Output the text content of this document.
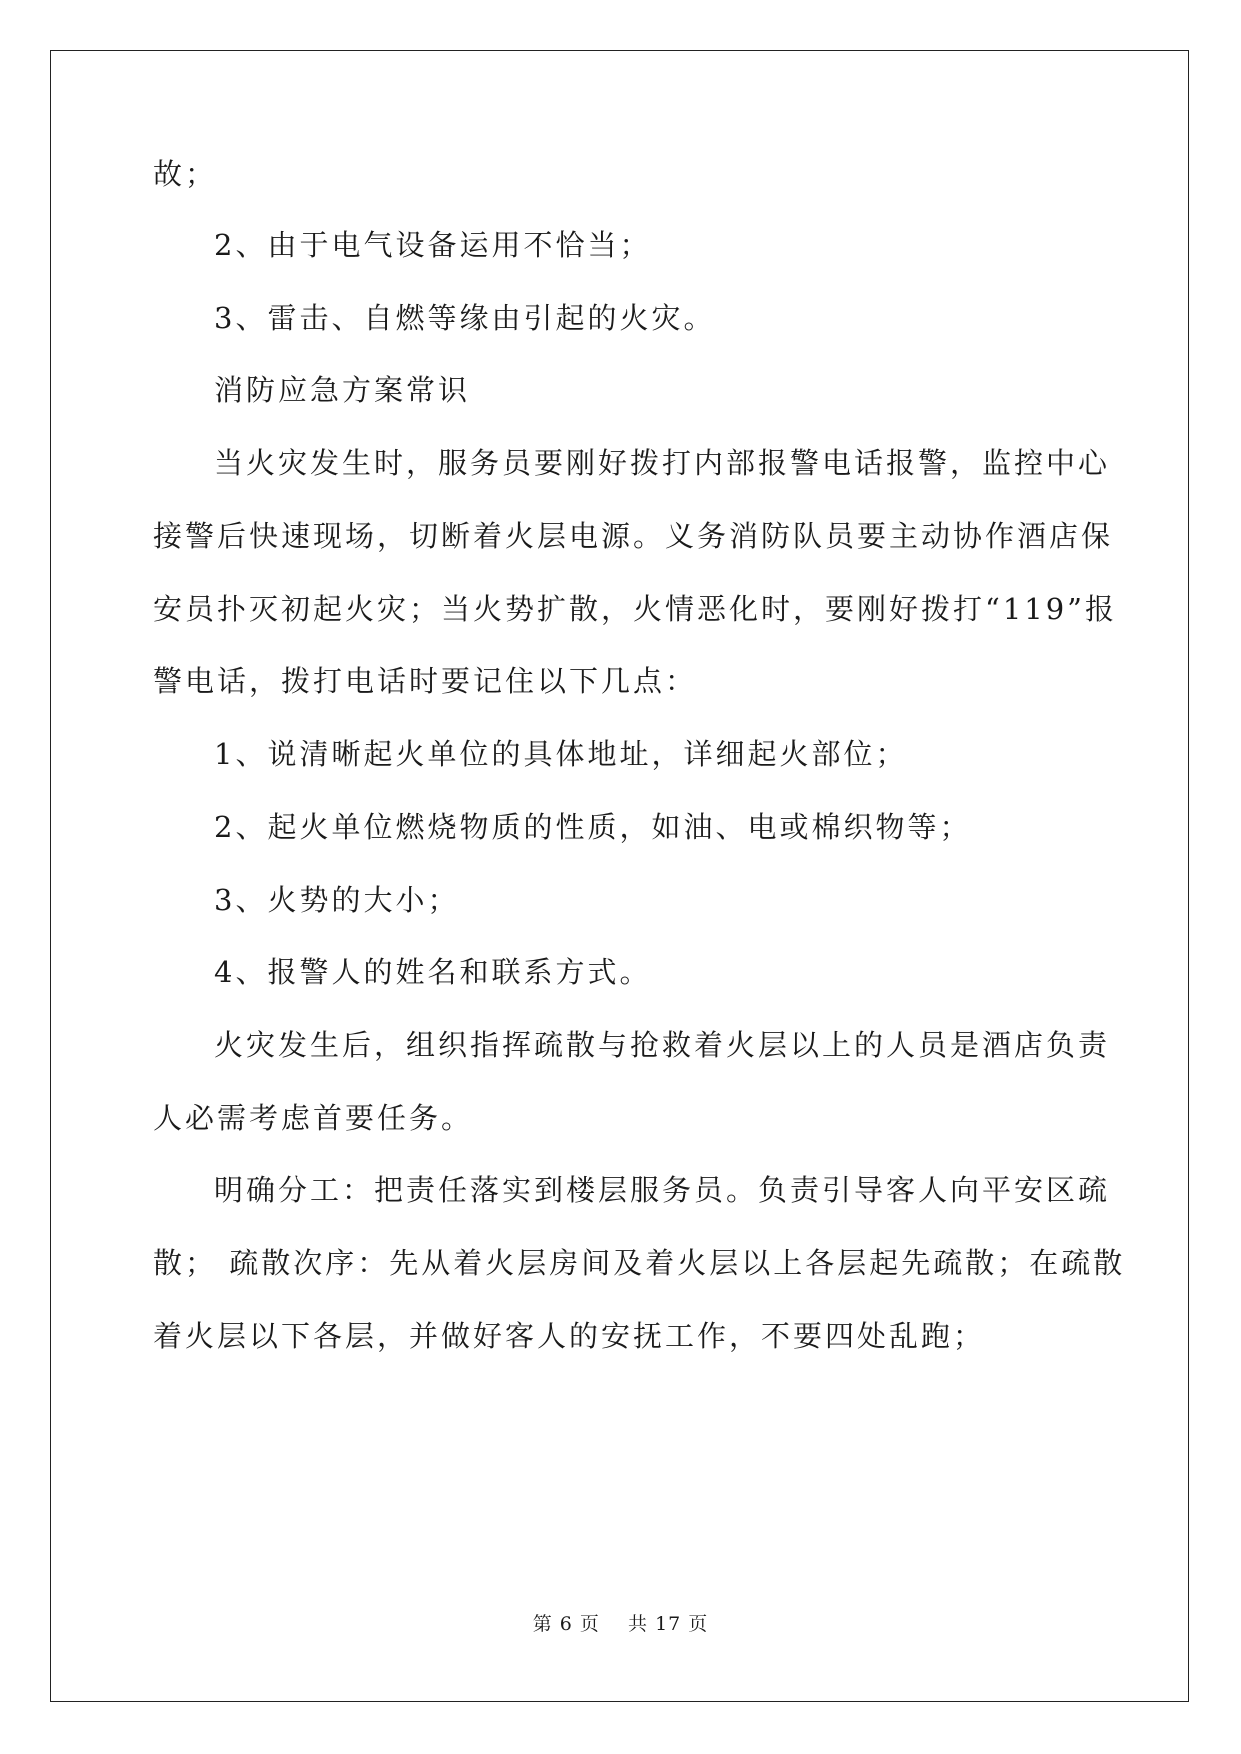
故；
2、由于电气设备运用不恰当；
3、雷击、自燃等缘由引起的火灾。
消防应急方案常识
当火灾发生时，服务员要刚好拨打内部报警电话报警，监控中心
接警后快速现场，切断着火层电源。义务消防队员要主动协作酒店保
安员扑灭初起火灾；当火势扩散，火情恶化时，要刚好拨打“119”报
警电话，拨打电话时要记住以下几点：
1、说清晰起火单位的具体地址，详细起火部位；
2、起火单位燃烧物质的性质，如油、电或棉织物等；
3、火势的大小；
4、报警人的姓名和联系方式。
火灾发生后，组织指挥疏散与抢救着火层以上的人员是酒店负责
人必需考虑首要任务。
明确分工：把责任落实到楼层服务员。负责引导客人向平安区疏
散； 疏散次序：先从着火层房间及着火层以上各层起先疏散；在疏散
着火层以下各层，并做好客人的安抚工作，不要四处乱跑；
第 6 页    共 17 页
